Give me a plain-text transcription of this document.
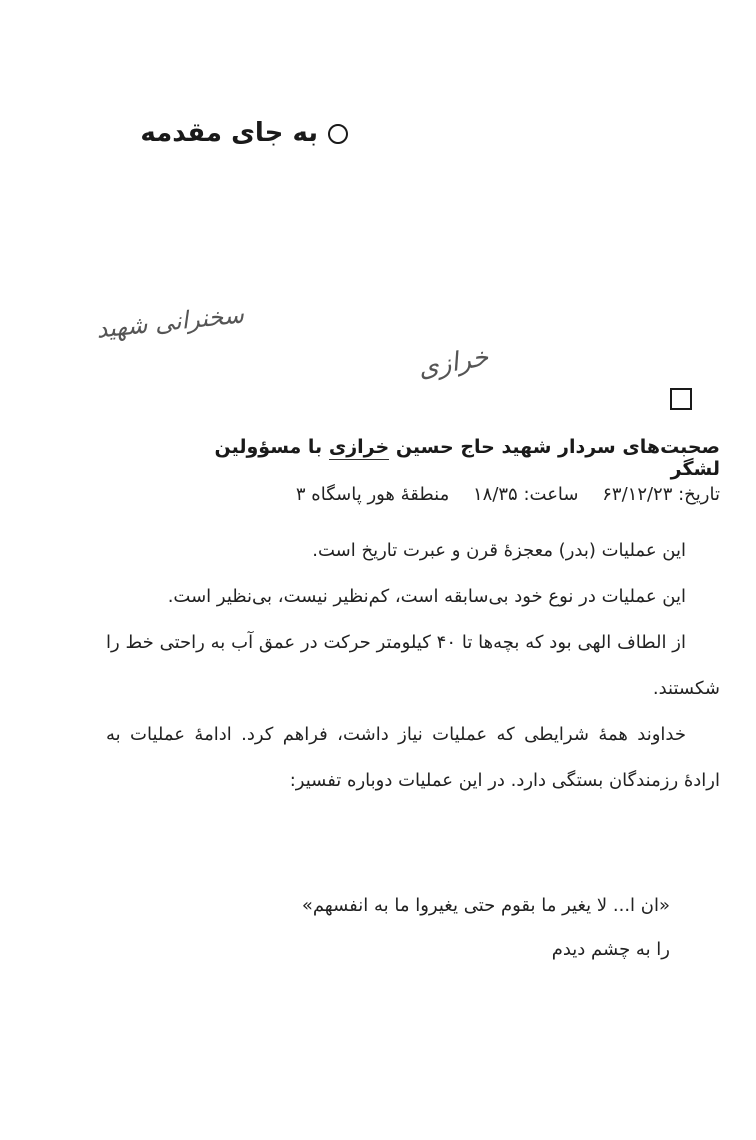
به جای مقدمه
سخنرانی شهید
خرازی
صحبت‌های سردار شهید حاج حسین خرازی با مسؤولین لشگر
تاریخ: ۶۳/۱۲/۲۳ ساعت: ۱۸/۳۵ منطقهٔ هور پاسگاه ۳

این عملیات (بدر) معجزهٔ قرن و عبرت تاریخ است.

این عملیات در نوع خود بی‌سابقه است، کم‌نظیر نیست، بی‌نظیر است.

از الطاف الهی بود که بچه‌ها تا ۴۰ کیلومتر حرکت در عمق آب به راحتی خط را شکستند.

خداوند همهٔ شرایطی که عملیات نیاز داشت، فراهم کرد. ادامهٔ عملیات به ارادهٔ رزمندگان بستگی دارد. در این عملیات دوباره تفسیر:

«ان ا... لا یغیر ما بقوم حتی یغیروا ما به انفسهم»

را به چشم دیدم
